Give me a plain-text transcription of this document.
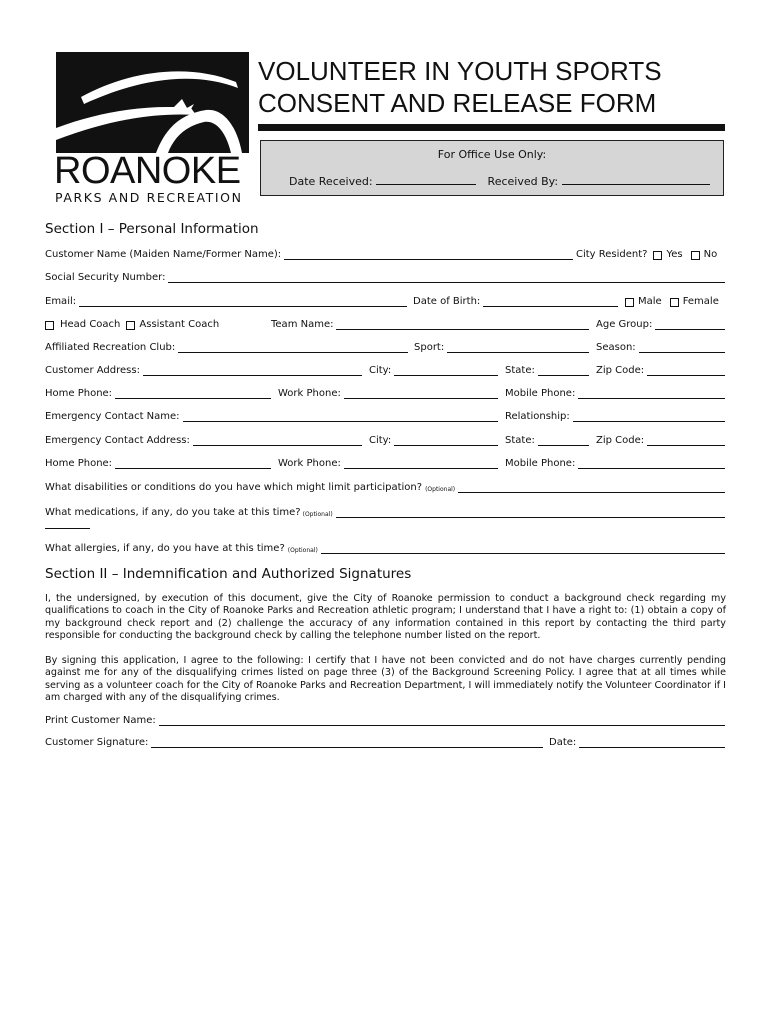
ROANOKE
PARKS AND RECREATION
VOLUNTEER IN YOUTH SPORTS
CONSENT AND RELEASE FORM
For Office Use Only:
Date Received:	Received By:
Section I – Personal Information
Customer Name (Maiden Name/Former Name):	City Resident? Yes No
Social Security Number:
Email:	Date of Birth:	Male Female
Head Coach Assistant Coach	Team Name:	Age Group:
Affiliated Recreation Club:	Sport:	Season:
Customer Address:	City:	State:	Zip Code:
Home Phone:	Work Phone:	Mobile Phone:
Emergency Contact Name:	Relationship:
Emergency Contact Address:	City:	State:	Zip Code:
Home Phone:	Work Phone:	Mobile Phone:
What disabilities or conditions do you have which might limit participation? (Optional)
What medications, if any, do you take at this time? (Optional)
What allergies, if any, do you have at this time? (Optional)
Section II – Indemnification and Authorized Signatures
I, the undersigned, by execution of this document, give the City of Roanoke permission to conduct a background check regarding my qualifications to coach in the City of Roanoke Parks and Recreation athletic program; I understand that I have a right to: (1) obtain a copy of my background check report and (2) challenge the accuracy of any information contained in this report by contacting the third party responsible for conducting the background check by calling the telephone number listed on the report.
By signing this application, I agree to the following: I certify that I have not been convicted and do not have charges currently pending against me for any of the disqualifying crimes listed on page three (3) of the Background Screening Policy. I agree that at all times while serving as a volunteer coach for the City of Roanoke Parks and Recreation Department, I will immediately notify the Volunteer Coordinator if I am charged with any of the disqualifying crimes.
Print Customer Name:
Customer Signature:	Date:
